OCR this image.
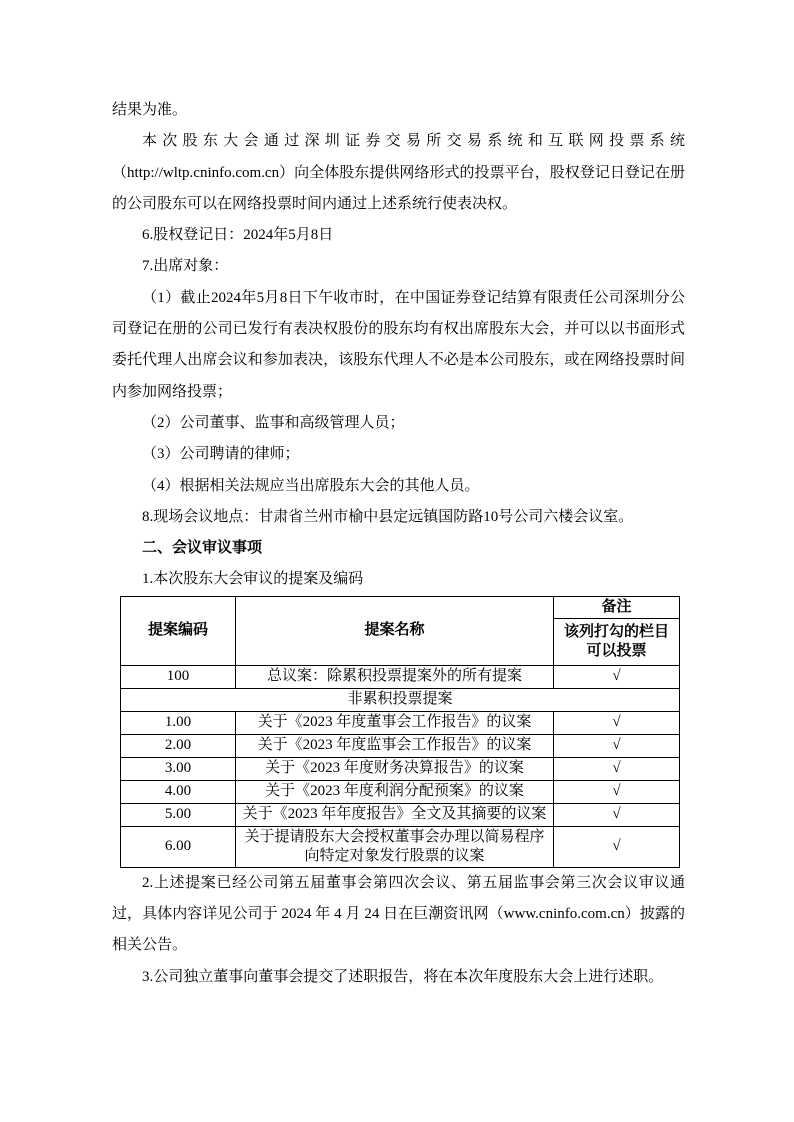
结果为准。

本次股东大会通过深圳证券交易所交易系统和互联网投票系统（http://wltp.cninfo.com.cn）向全体股东提供网络形式的投票平台，股权登记日登记在册的公司股东可以在网络投票时间内通过上述系统行使表决权。

6.股权登记日：2024年5月8日

7.出席对象：

（1）截止2024年5月8日下午收市时，在中国证券登记结算有限责任公司深圳分公司登记在册的公司已发行有表决权股份的股东均有权出席股东大会，并可以以书面形式委托代理人出席会议和参加表决，该股东代理人不必是本公司股东，或在网络投票时间内参加网络投票；

（2）公司董事、监事和高级管理人员；

（3）公司聘请的律师；

（4）根据相关法规应当出席股东大会的其他人员。

8.现场会议地点：甘肃省兰州市榆中县定远镇国防路10号公司六楼会议室。

二、会议审议事项

1.本次股东大会审议的提案及编码

提案编码	提案名称	备注
		该列打勾的栏目可以投票
100	总议案：除累积投票提案外的所有提案	√
非累积投票提案		
1.00	关于《2023 年度董事会工作报告》的议案	√
2.00	关于《2023 年度监事会工作报告》的议案	√
3.00	关于《2023 年度财务决算报告》的议案	√
4.00	关于《2023 年度利润分配预案》的议案	√
5.00	关于《2023 年年度报告》全文及其摘要的议案	√
6.00	关于提请股东大会授权董事会办理以简易程序向特定对象发行股票的议案	√

2.上述提案已经公司第五届董事会第四次会议、第五届监事会第三次会议审议通过，具体内容详见公司于 2024 年 4 月 24 日在巨潮资讯网（www.cninfo.com.cn）披露的相关公告。

3.公司独立董事向董事会提交了述职报告，将在本次年度股东大会上进行述职。
